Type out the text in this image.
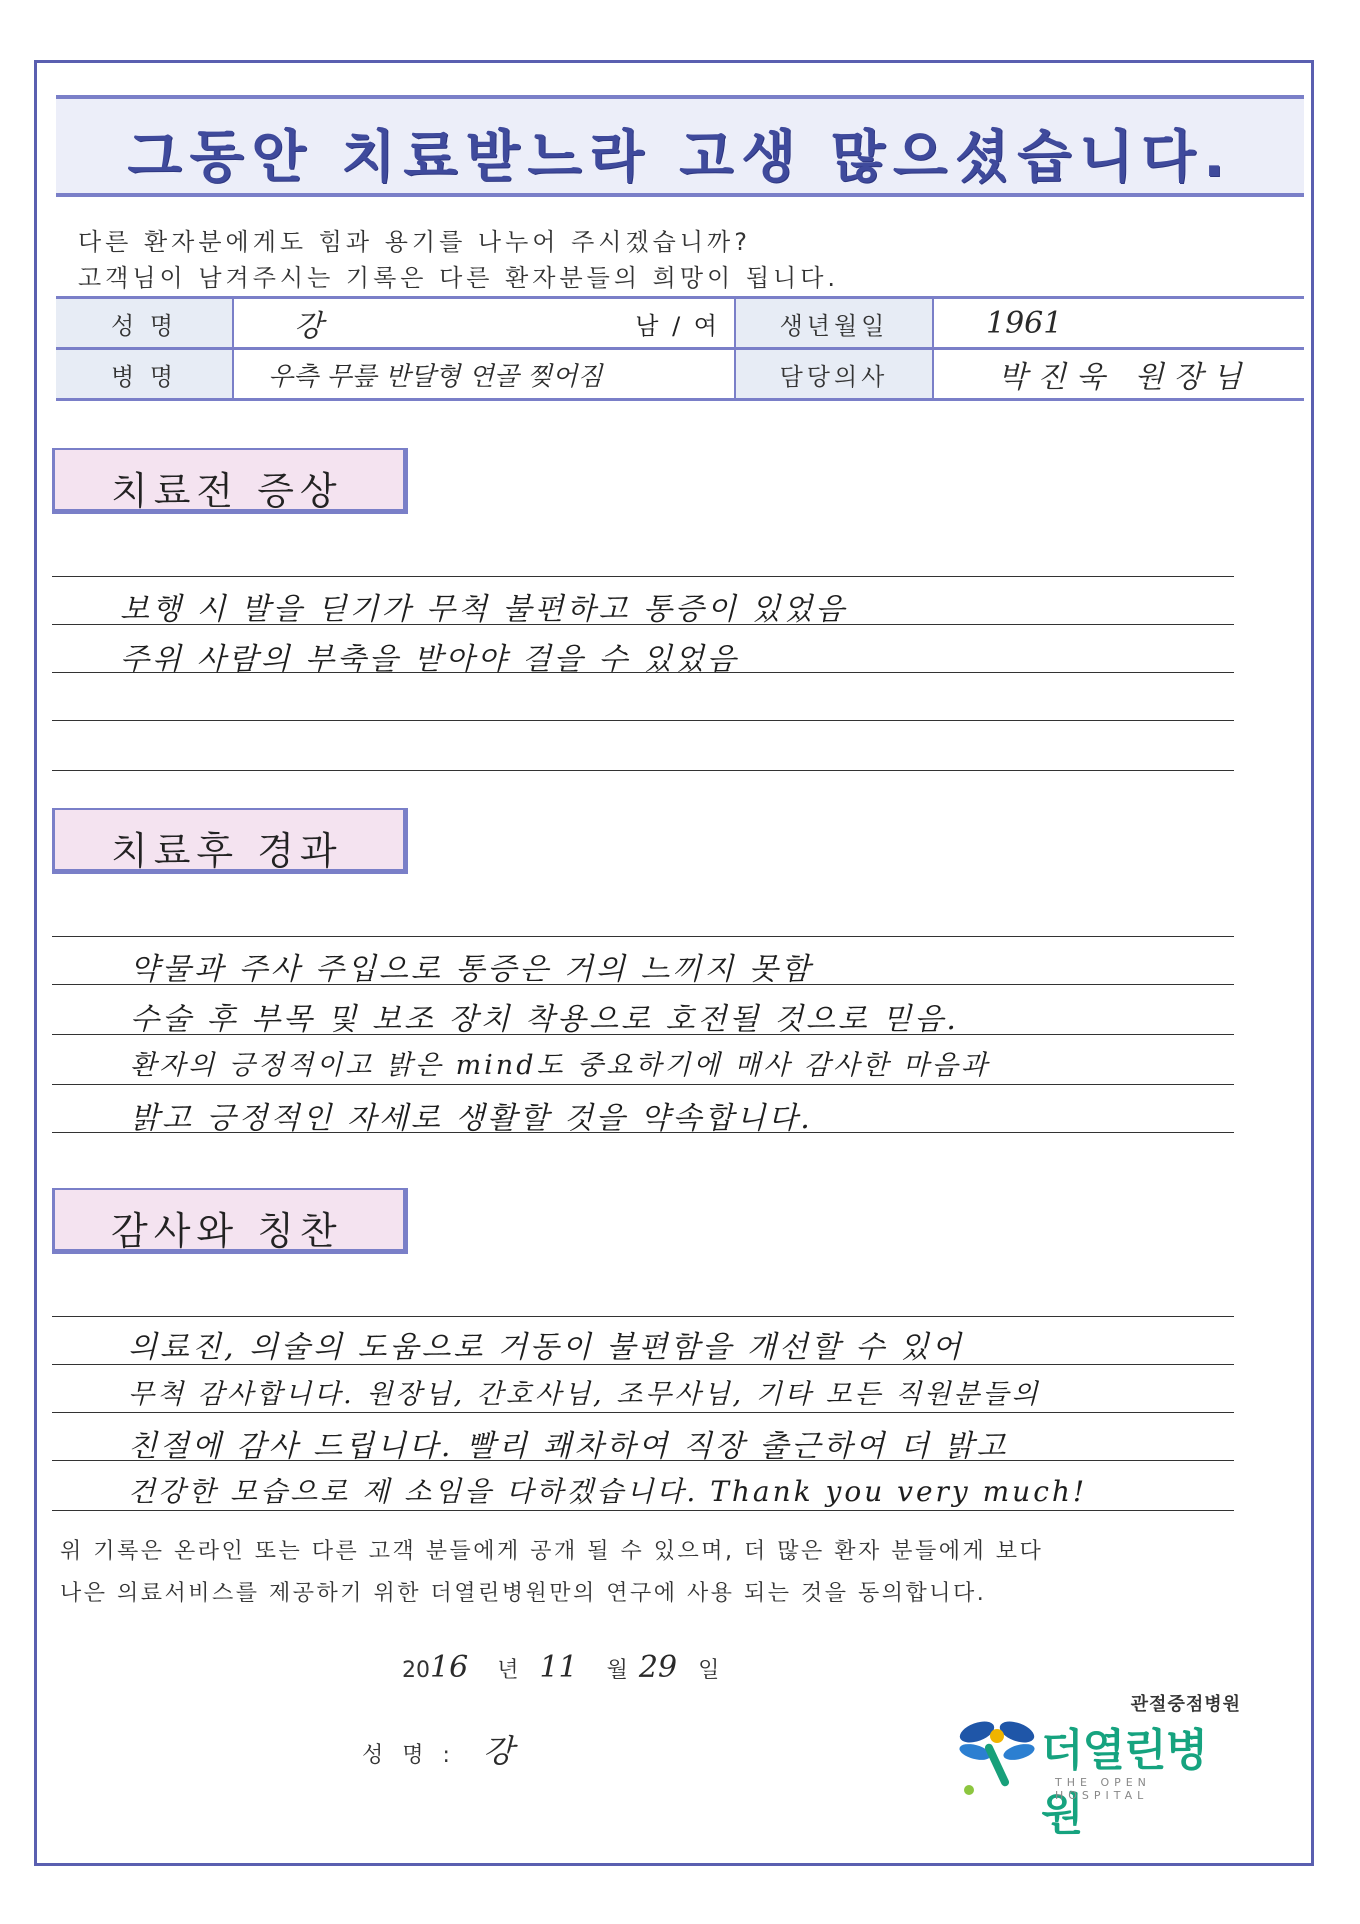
그동안 치료받느라 고생 많으셨습니다.
다른 환자분에게도 힘과 용기를 나누어 주시겠습니까?
고객님이 남겨주시는 기록은 다른 환자분들의 희망이 됩니다.
성 명	강	남 / 여	생년월일	1961
병 명	우측 무릎 반달형 연골 찢어짐		담당의사	박진욱 원장님
치료전 증상
보행 시 발을 딛기가 무척 불편하고 통증이 있었음
주위 사람의 부축을 받아야 걸을 수 있었음
치료후 경과
약물과 주사 주입으로 통증은 거의 느끼지 못함
수술 후 부목 및 보조 장치 착용으로 호전될 것으로 믿음.
환자의 긍정적이고 밝은 mind도 중요하기에 매사 감사한 마음과
밝고 긍정적인 자세로 생활할 것을 약속합니다.
감사와 칭찬
의료진, 의술의 도움으로 거동이 불편함을 개선할 수 있어
무척 감사합니다. 원장님, 간호사님, 조무사님, 기타 모든 직원분들의
친절에 감사 드립니다. 빨리 쾌차하여 직장 출근하여 더 밝고
건강한 모습으로 제 소임을 다하겠습니다. Thank you very much!
위 기록은 온라인 또는 다른 고객 분들에게 공개 될 수 있으며, 더 많은 환자 분들에게 보다
나은 의료서비스를 제공하기 위한 더열린병원만의 연구에 사용 되는 것을 동의합니다.
2016 년 11 월 29 일
성 명 : 강
관절중점병원
더열린병원
THE OPEN HOSPITAL
